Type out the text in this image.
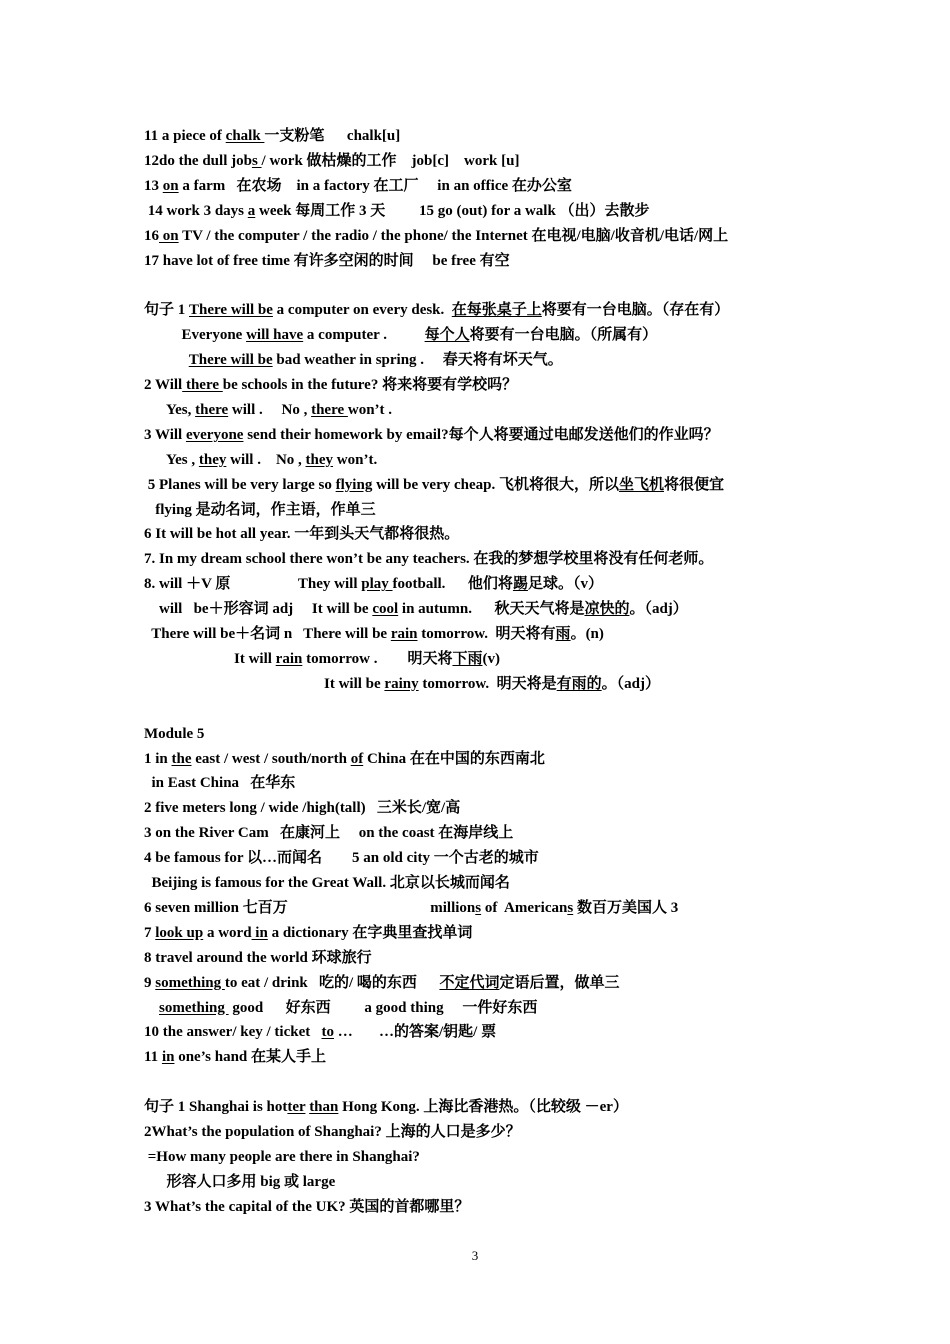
11 a piece of chalk 一支粉笔      chalk[u]
12do the dull jobs / work 做枯燥的工作    job[c]    work [u]
13 on a farm   在农场    in a factory 在工厂     in an office 在办公室
14 work 3 days a week 每周工作 3 天         15 go (out) for a walk （出）去散步
16 on TV / the computer / the radio / the phone/ the Internet 在电视/电脑/收音机/电话/网上
17 have lot of free time 有许多空闲的时间     be free 有空
句子 1 There will be a computer on every desk.  在每张桌子上将要有一台电脑。（存在有）
Everyone will have a computer .          每个人将要有一台电脑。（所属有）
There will be bad weather in spring .     春天将有坏天气。
2 Will there be schools in the future? 将来将要有学校吗？
Yes, there will .     No , there won’t .
3 Will everyone send their homework by email?每个人将要通过电邮发送他们的作业吗？
Yes , they will .    No , they won’t.
5 Planes will be very large so flying will be very cheap. 飞机将很大，所以坐飞机将很便宜
flying 是动名词，作主语，作单三
6 It will be hot all year. 一年到头天气都将很热。
7. In my dream school there won’t be any teachers. 在我的梦想学校里将没有任何老师。
8. will ＋V 原                  They will play football.      他们将踢足球。（v）
will   be＋形容词 adj     It will be cool in autumn.      秋天天气将是凉快的。（adj）
There will be＋名词 n   There will be rain tomorrow.  明天将有雨。(n)
It will rain tomorrow .        明天将下雨(v)
It will be rainy tomorrow.  明天将是有雨的。（adj）
Module 5
1 in the east / west / south/north of China 在在中国的东西南北
in East China   在华东
2 five meters long / wide /high(tall)   三米长/宽/高
3 on the River Cam   在康河上     on the coast 在海岸线上
4 be famous for 以…而闻名        5 an old city 一个古老的城市
Beijing is famous for the Great Wall. 北京以长城而闻名
6 seven million 七百万                                      millions of  Americans 数百万美国人 3
7 look up a word in a dictionary 在字典里查找单词
8 travel around the world 环球旅行
9 something to eat / drink   吃的/ 喝的东西      不定代词定语后置，做单三
something  good      好东西         a good thing     一件好东西
10 the answer/ key / ticket   to …       …的答案/钥匙/ 票
11 in one’s hand 在某人手上
句子 1 Shanghai is hotter than Hong Kong. 上海比香港热。（比较级 －er）
2What’s the population of Shanghai? 上海的人口是多少？
=How many people are there in Shanghai?
形容人口多用 big 或 large
3 What’s the capital of the UK? 英国的首都哪里？
3
